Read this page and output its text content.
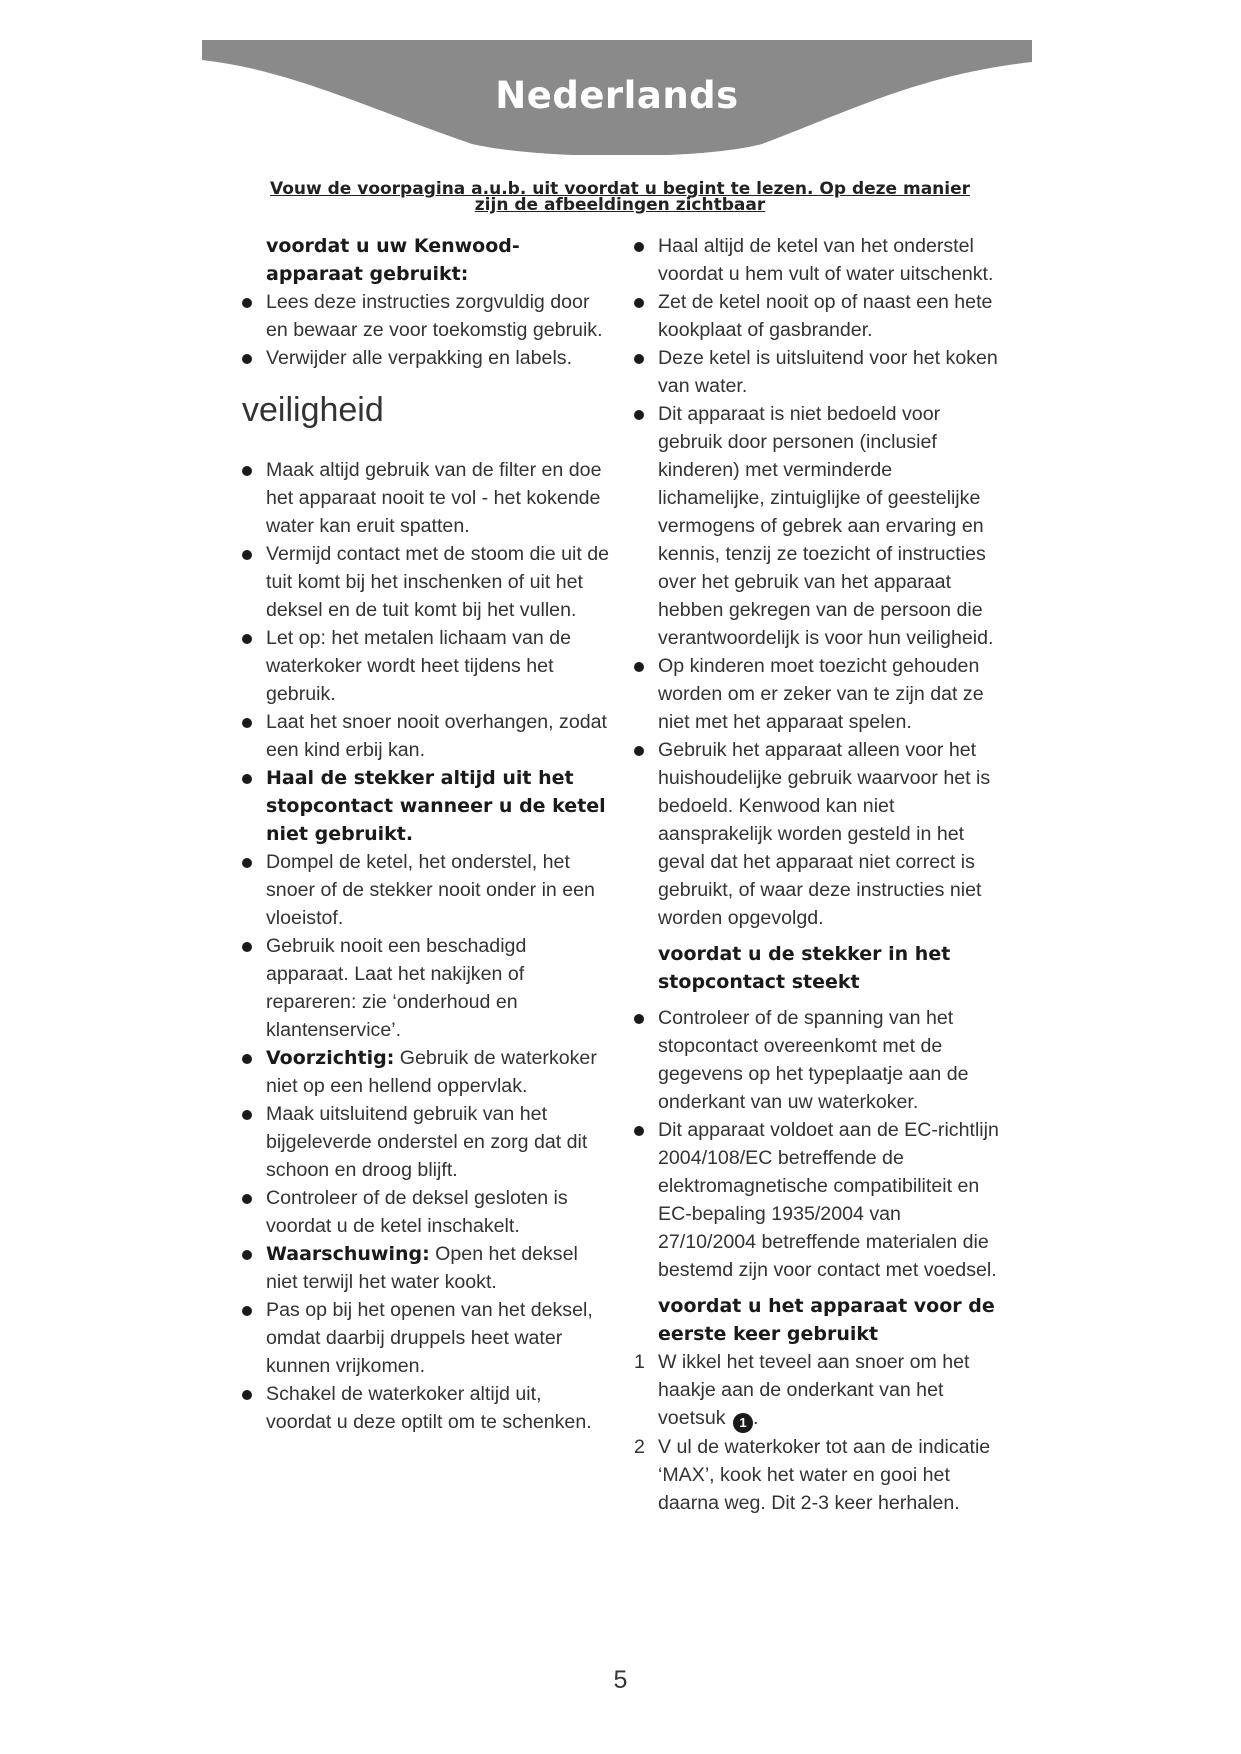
Nederlands
Vouw de voorpagina a.u.b. uit voordat u begint te lezen. Op deze manier
zijn de afbeeldingen zichtbaar
voordat u uw Kenwood-
apparaat gebruikt:
Lees deze instructies zorgvuldig door en bewaar ze voor toekomstig gebruik.
Verwijder alle verpakking en labels.
veiligheid
Maak altijd gebruik van de filter en doe het apparaat nooit te vol - het kokende water kan eruit spatten.
Vermijd contact met de stoom die uit de tuit komt bij het inschenken of uit het deksel en de tuit komt bij het vullen.
Let op: het metalen lichaam van de waterkoker wordt heet tijdens het gebruik.
Laat het snoer nooit overhangen, zodat een kind erbij kan.
Haal de stekker altijd uit het stopcontact wanneer u de ketel niet gebruikt.
Dompel de ketel, het onderstel, het snoer of de stekker nooit onder in een vloeistof.
Gebruik nooit een beschadigd apparaat. Laat het nakijken of repareren: zie ‘onderhoud en klantenservice’.
Voorzichtig: Gebruik de waterkoker niet op een hellend oppervlak.
Maak uitsluitend gebruik van het bijgeleverde onderstel en zorg dat dit schoon en droog blijft.
Controleer of de deksel gesloten is voordat u de ketel inschakelt.
Waarschuwing: Open het deksel niet terwijl het water kookt.
Pas op bij het openen van het deksel, omdat daarbij druppels heet water kunnen vrijkomen.
Schakel de waterkoker altijd uit, voordat u deze optilt om te schenken.
Haal altijd de ketel van het onderstel voordat u hem vult of water uitschenkt.
Zet de ketel nooit op of naast een hete kookplaat of gasbrander.
Deze ketel is uitsluitend voor het koken van water.
Dit apparaat is niet bedoeld voor gebruik door personen (inclusief kinderen) met verminderde lichamelijke, zintuiglijke of geestelijke vermogens of gebrek aan ervaring en kennis, tenzij ze toezicht of instructies over het gebruik van het apparaat hebben gekregen van de persoon die verantwoordelijk is voor hun veiligheid.
Op kinderen moet toezicht gehouden worden om er zeker van te zijn dat ze niet met het apparaat spelen.
Gebruik het apparaat alleen voor het huishoudelijke gebruik waarvoor het is bedoeld. Kenwood kan niet aansprakelijk worden gesteld in het geval dat het apparaat niet correct is gebruikt, of waar deze instructies niet worden opgevolgd.
voordat u de stekker in het stopcontact steekt
Controleer of de spanning van het stopcontact overeenkomt met de gegevens op het typeplaatje aan de onderkant van uw waterkoker.
Dit apparaat voldoet aan de EC-richtlijn 2004/108/EC betreffende de elektromagnetische compatibiliteit en EC-bepaling 1935/2004 van 27/10/2004 betreffende materialen die bestemd zijn voor contact met voedsel.
voordat u het apparaat voor de eerste keer gebruikt
1 W ikkel het teveel aan snoer om het haakje aan de onderkant van het voetsuk 1 .
2 V ul de waterkoker tot aan de indicatie ‘MAX’, kook het water en gooi het daarna weg. Dit 2-3 keer herhalen.
5
